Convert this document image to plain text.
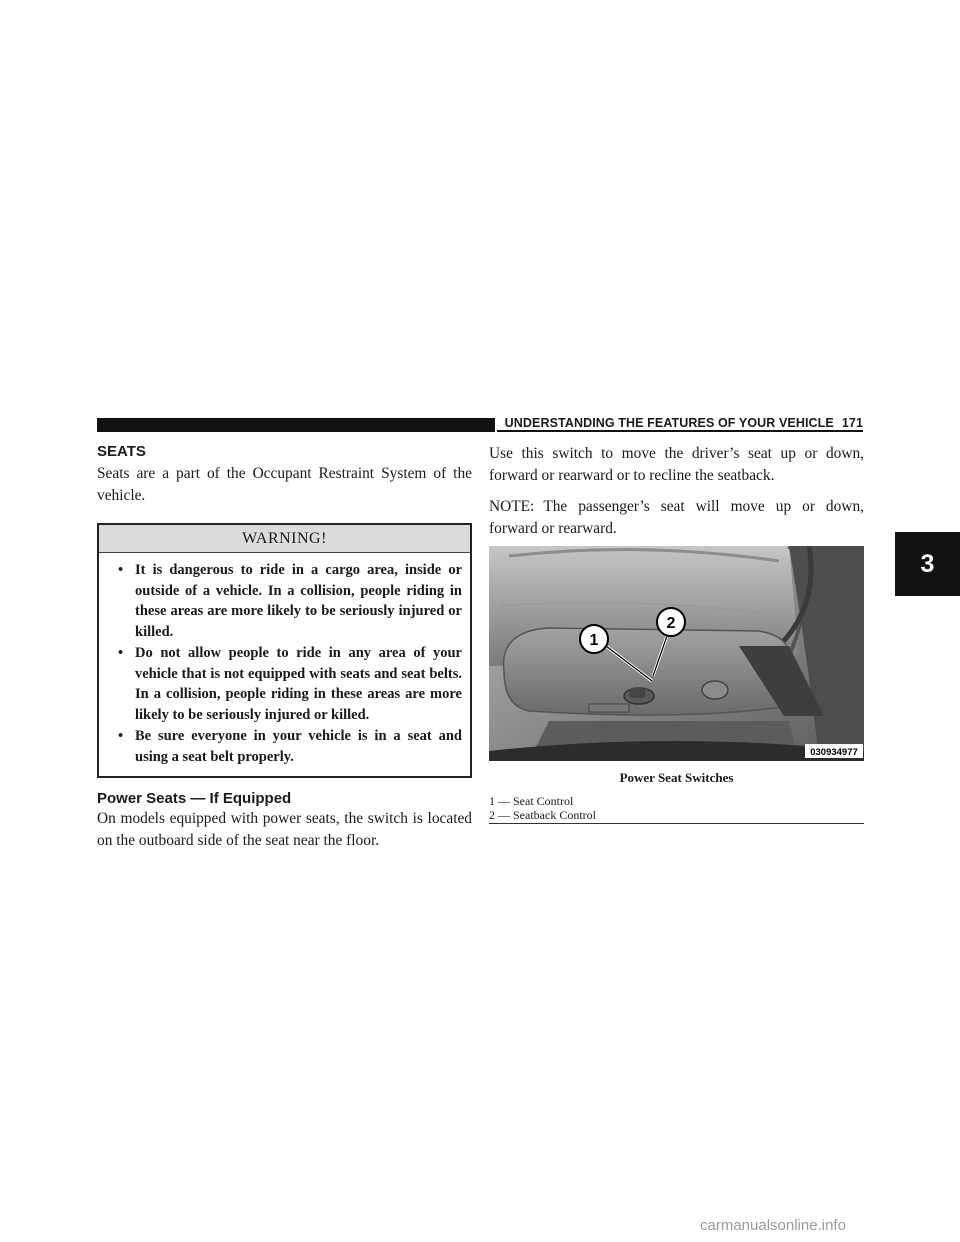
UNDERSTANDING THE FEATURES OF YOUR VEHICLE 171
SEATS

Seats are a part of the Occupant Restraint System of the vehicle.

WARNING!
• It is dangerous to ride in a cargo area, inside or outside of a vehicle. In a collision, people riding in these areas are more likely to be seriously injured or killed.
• Do not allow people to ride in any area of your vehicle that is not equipped with seats and seat belts. In a collision, people riding in these areas are more likely to be seriously injured or killed.
• Be sure everyone in your vehicle is in a seat and using a seat belt properly.
Power Seats — If Equipped

On models equipped with power seats, the switch is located on the outboard side of the seat near the floor.

Use this switch to move the driver’s seat up or down, forward or rearward or to recline the seatback.

NOTE: The passenger’s seat will move up or down, forward or rearward.

1
2
030934977
Power Seat Switches
1 — Seat Control
2 — Seatback Control
3
carmanualsonline.info
